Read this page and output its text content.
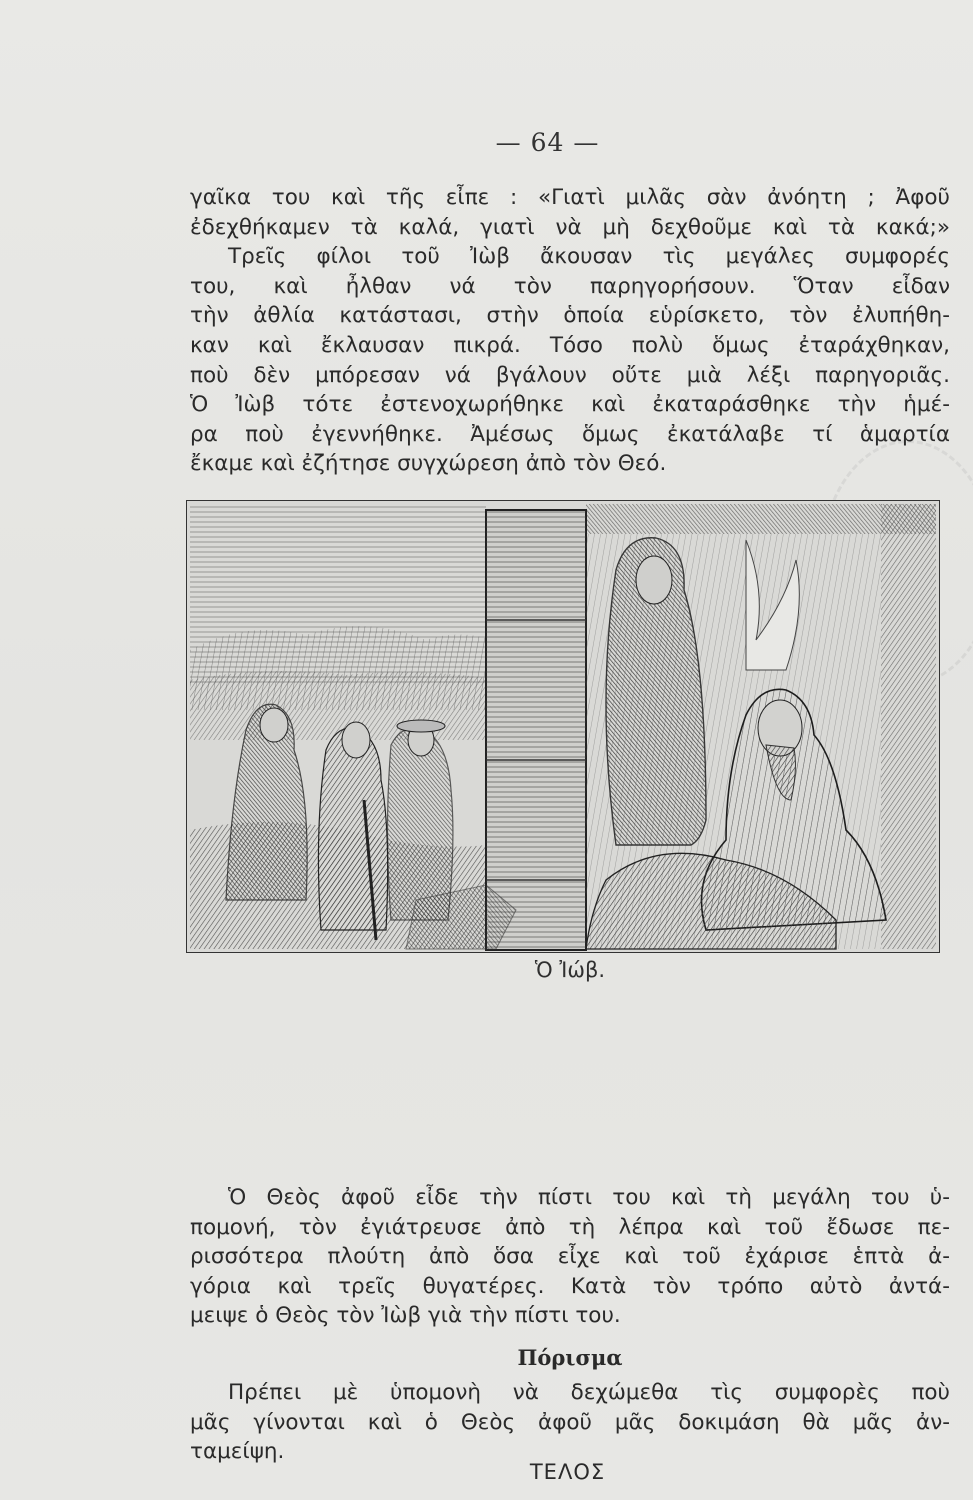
— 64 —
γαῖκα του καὶ τῆς εἶπε : «Γιατὶ μιλᾶς σὰν ἀνόητη ; Ἀφοῦ
ἐδεχθήκαμεν τὰ καλά, γιατὶ νὰ μὴ δεχθοῦμε καὶ τὰ κακά;»
Τρεῖς φίλοι τοῦ Ἰὼβ ἄκουσαν τὶς μεγάλες συμφορές
του, καὶ ἦλθαν νά τὸν παρηγορήσουν. Ὅταν εἶδαν
τὴν ἀθλία κατάστασι, στὴν ὁποία εὑρίσκετο, τὸν ἐλυπήθη-
καν καὶ ἔκλαυσαν πικρά. Τόσο πολὺ ὅμως ἐταράχθηκαν,
ποὺ δὲν μπόρεσαν νά βγάλουν οὔτε μιὰ λέξι παρηγοριᾶς.
Ὁ Ἰὼβ τότε ἐστενοχωρήθηκε καὶ ἐκαταράσθηκε τὴν ἡμέ-
ρα ποὺ ἐγεννήθηκε. Ἀμέσως ὅμως ἐκατάλαβε τί ἁμαρτία
ἔκαμε καὶ ἐζήτησε συγχώρεση ἀπὸ τὸν Θεό.
Ὁ Ἰώβ.
Ὁ Θεὸς ἀφοῦ εἶδε τὴν πίστι του καὶ τὴ μεγάλη του ὑ-
πομονή, τὸν ἐγιάτρευσε ἀπὸ τὴ λέπρα καὶ τοῦ ἔδωσε πε-
ρισσότερα πλούτη ἀπὸ ὅσα εἶχε καὶ τοῦ ἐχάρισε ἑπτὰ ἀ-
γόρια καὶ τρεῖς θυγατέρες. Κατὰ τὸν τρόπο αὐτὸ ἀντά-
μειψε ὁ Θεὸς τὸν Ἰὼβ γιὰ τὴν πίστι του.
Πόρισμα
Πρέπει μὲ ὑπομονὴ νὰ δεχώμεθα τὶς συμφορὲς ποὺ
μᾶς γίνονται καὶ ὁ Θεὸς ἀφοῦ μᾶς δοκιμάση θὰ μᾶς ἀν-
ταμείψη.
ΤΕΛΟΣ
